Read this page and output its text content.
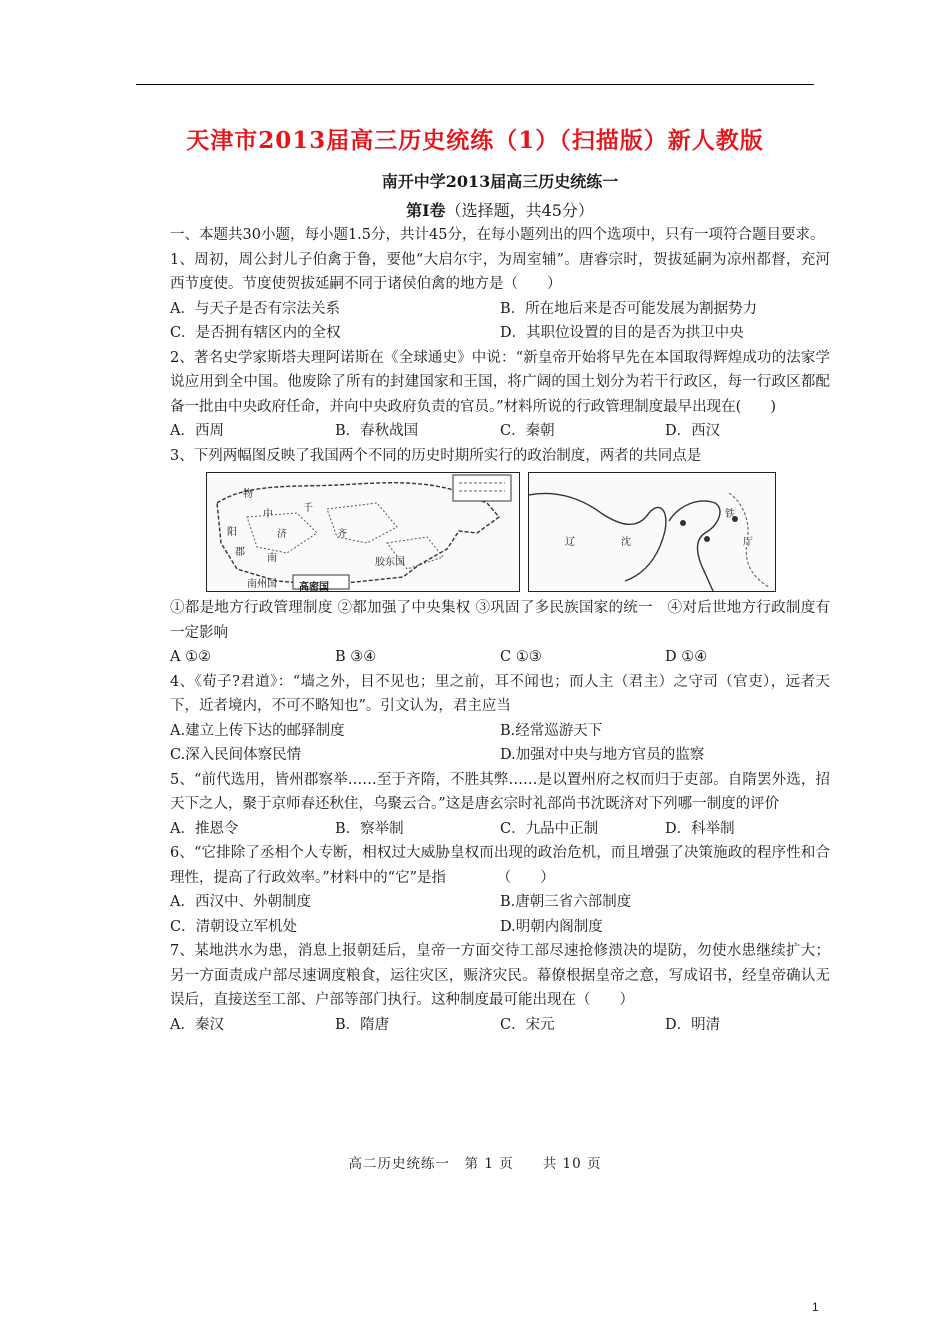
天津市2013届高三历史统练（1）（扫描版）新人教版
南开中学2013届高三历史统练一
第Ⅰ卷（选择题，共45分）

一、本题共30小题，每小题1.5分，共计45分，在每小题列出的四个选项中，只有一项符合题目要求。

1、周初，周公封儿子伯禽于鲁，要他“大启尔宇，为周室辅”。唐睿宗时，贺拔延嗣为凉州都督，充河西节度使。节度使贺拔延嗣不同于诸侯伯禽的地方是（　　）

A．与天子是否有宗法关系	B．所在地后来是否可能发展为割据势力
C．是否拥有辖区内的全权	D．其职位设置的目的是否为拱卫中央

2、著名史学家斯塔夫理阿诺斯在《全球通史》中说：“新皇帝开始将早先在本国取得辉煌成功的法家学说应用到全中国。他废除了所有的封建国家和王国，将广阔的国土划分为若干行政区，每一行政区都配备一批由中央政府任命，并向中央政府负责的官员。”材料所说的行政管理制度最早出现在(　　)

A．西周	B．春秋战国	C．秦朝	D．西汉

3、下列两幅图反映了我国两个不同的历史时期所实行的政治制度，两者的共同点是

物
中
千
阳	济
南
齐
胶东国
南州国 高密国
郡
辽	沈
铁
厅

①都是地方行政管理制度 ②都加强了中央集权 ③巩固了多民族国家的统一　④对后世地方行政制度有一定影响

A ①②	B ③④	C ①③	D ①④

4、《荀子?君道》：“墙之外，目不见也；里之前，耳不闻也；而人主（君主）之守司（官吏），远者天下，近者境内，不可不略知也”。引文认为，君主应当

A.建立上传下达的邮驿制度	B.经常巡游天下
C.深入民间体察民情	D.加强对中央与地方官员的监察

5、“前代选用，皆州郡察举……至于齐隋，不胜其弊……是以置州府之权而归于吏部。自隋罢外选，招天下之人，聚于京师春还秋住，乌聚云合。”这是唐玄宗时礼部尚书沈既济对下列哪一制度的评价

A．推恩令	B．察举制	C．九品中正制	D．科举制

6、“它排除了丞相个人专断，相权过大威胁皇权而出现的政治危机，而且增强了决策施政的程序性和合理性，提高了行政效率。”材料中的“它”是指　　　　（　　）

A．西汉中、外朝制度	B.唐朝三省六部制度
C．清朝设立军机处	D.明朝内阁制度

7、某地洪水为患，消息上报朝廷后，皇帝一方面交待工部尽速抢修溃决的堤防，勿使水患继续扩大；另一方面责成户部尽速调度粮食，运往灾区，赈济灾民。幕僚根据皇帝之意，写成诏书，经皇帝确认无误后，直接送至工部、户部等部门执行。这种制度最可能出现在（　　）

A．秦汉	B．隋唐	C．宋元	D．明清
高二历史统练一　第 1 页　　共 10 页
1
